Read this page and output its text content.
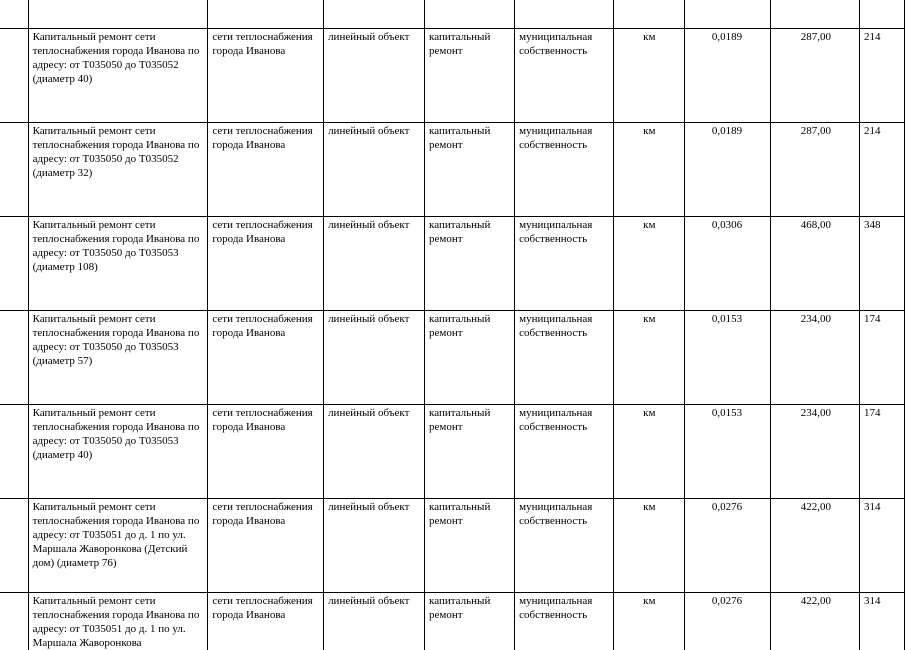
	Капитальный ремонт сети теплоснабжения города Иванова по адресу: от Т035050 до Т035052 (диаметр 40)	сети теплоснабжения города Иванова	линейный объект	капитальный ремонт	муниципальная собственность	км	0,0189	287,00	214
	Капитальный ремонт сети теплоснабжения города Иванова по адресу: от Т035050 до Т035052 (диаметр 32)	сети теплоснабжения города Иванова	линейный объект	капитальный ремонт	муниципальная собственность	км	0,0189	287,00	214
	Капитальный ремонт сети теплоснабжения города Иванова по адресу: от Т035050 до Т035053 (диаметр 108)	сети теплоснабжения города Иванова	линейный объект	капитальный ремонт	муниципальная собственность	км	0,0306	468,00	348
	Капитальный ремонт сети теплоснабжения города Иванова по адресу: от Т035050 до Т035053 (диаметр 57)	сети теплоснабжения города Иванова	линейный объект	капитальный ремонт	муниципальная собственность	км	0,0153	234,00	174
	Капитальный ремонт сети теплоснабжения города Иванова по адресу: от Т035050 до Т035053 (диаметр 40)	сети теплоснабжения города Иванова	линейный объект	капитальный ремонт	муниципальная собственность	км	0,0153	234,00	174
	Капитальный ремонт сети теплоснабжения города Иванова по адресу: от Т035051 до д. 1 по ул. Маршала Жаворонкова (Детский дом) (диаметр 76)	сети теплоснабжения города Иванова	линейный объект	капитальный ремонт	муниципальная собственность	км	0,0276	422,00	314
	Капитальный ремонт сети теплоснабжения города Иванова по адресу: от Т035051 до д. 1 по ул. Маршала Жаворонкова	сети теплоснабжения города Иванова	линейный объект	капитальный ремонт	муниципальная собственность	км	0,0276	422,00	314
